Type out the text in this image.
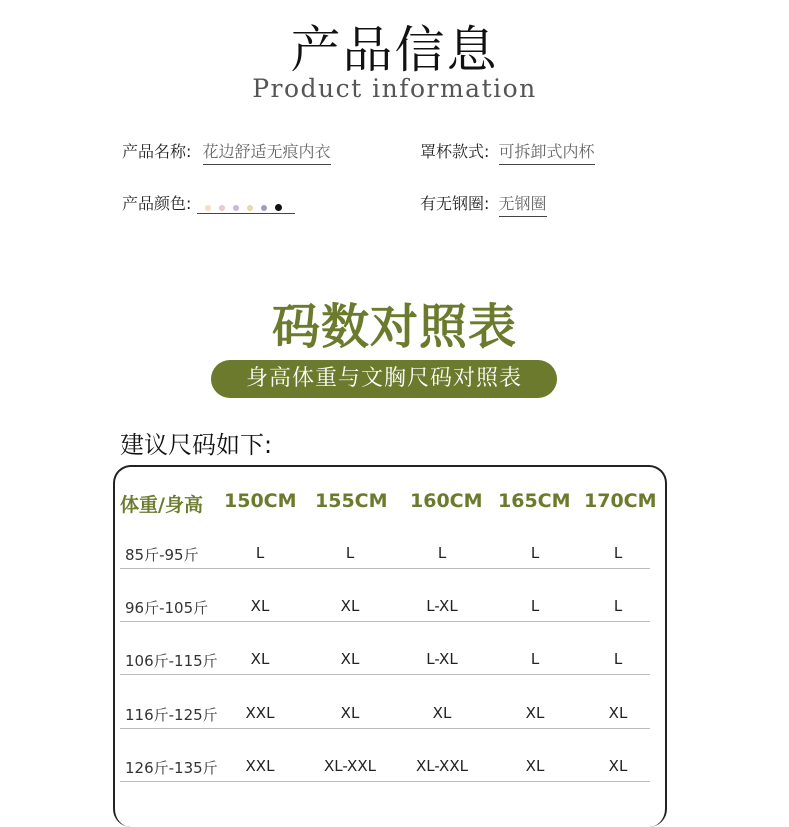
产品信息
Product information
产品名称: 花边舒适无痕内衣	罩杯款式: 可拆卸式内杯
产品颜色:	有无钢圈: 无钢圈
码数对照表
身高体重与文胸尺码对照表
建议尺码如下:
体重/身高 150CM 155CM 160CM 165CM 170CM
85斤-95斤	L	L	L	L	L
96斤-105斤	XL	XL	L-XL	L	L
106斤-115斤	XL	XL	L-XL	L	L
116斤-125斤	XXL	XL	XL	XL	XL
126斤-135斤	XXL	XL-XXL	XL-XXL	XL	XL
